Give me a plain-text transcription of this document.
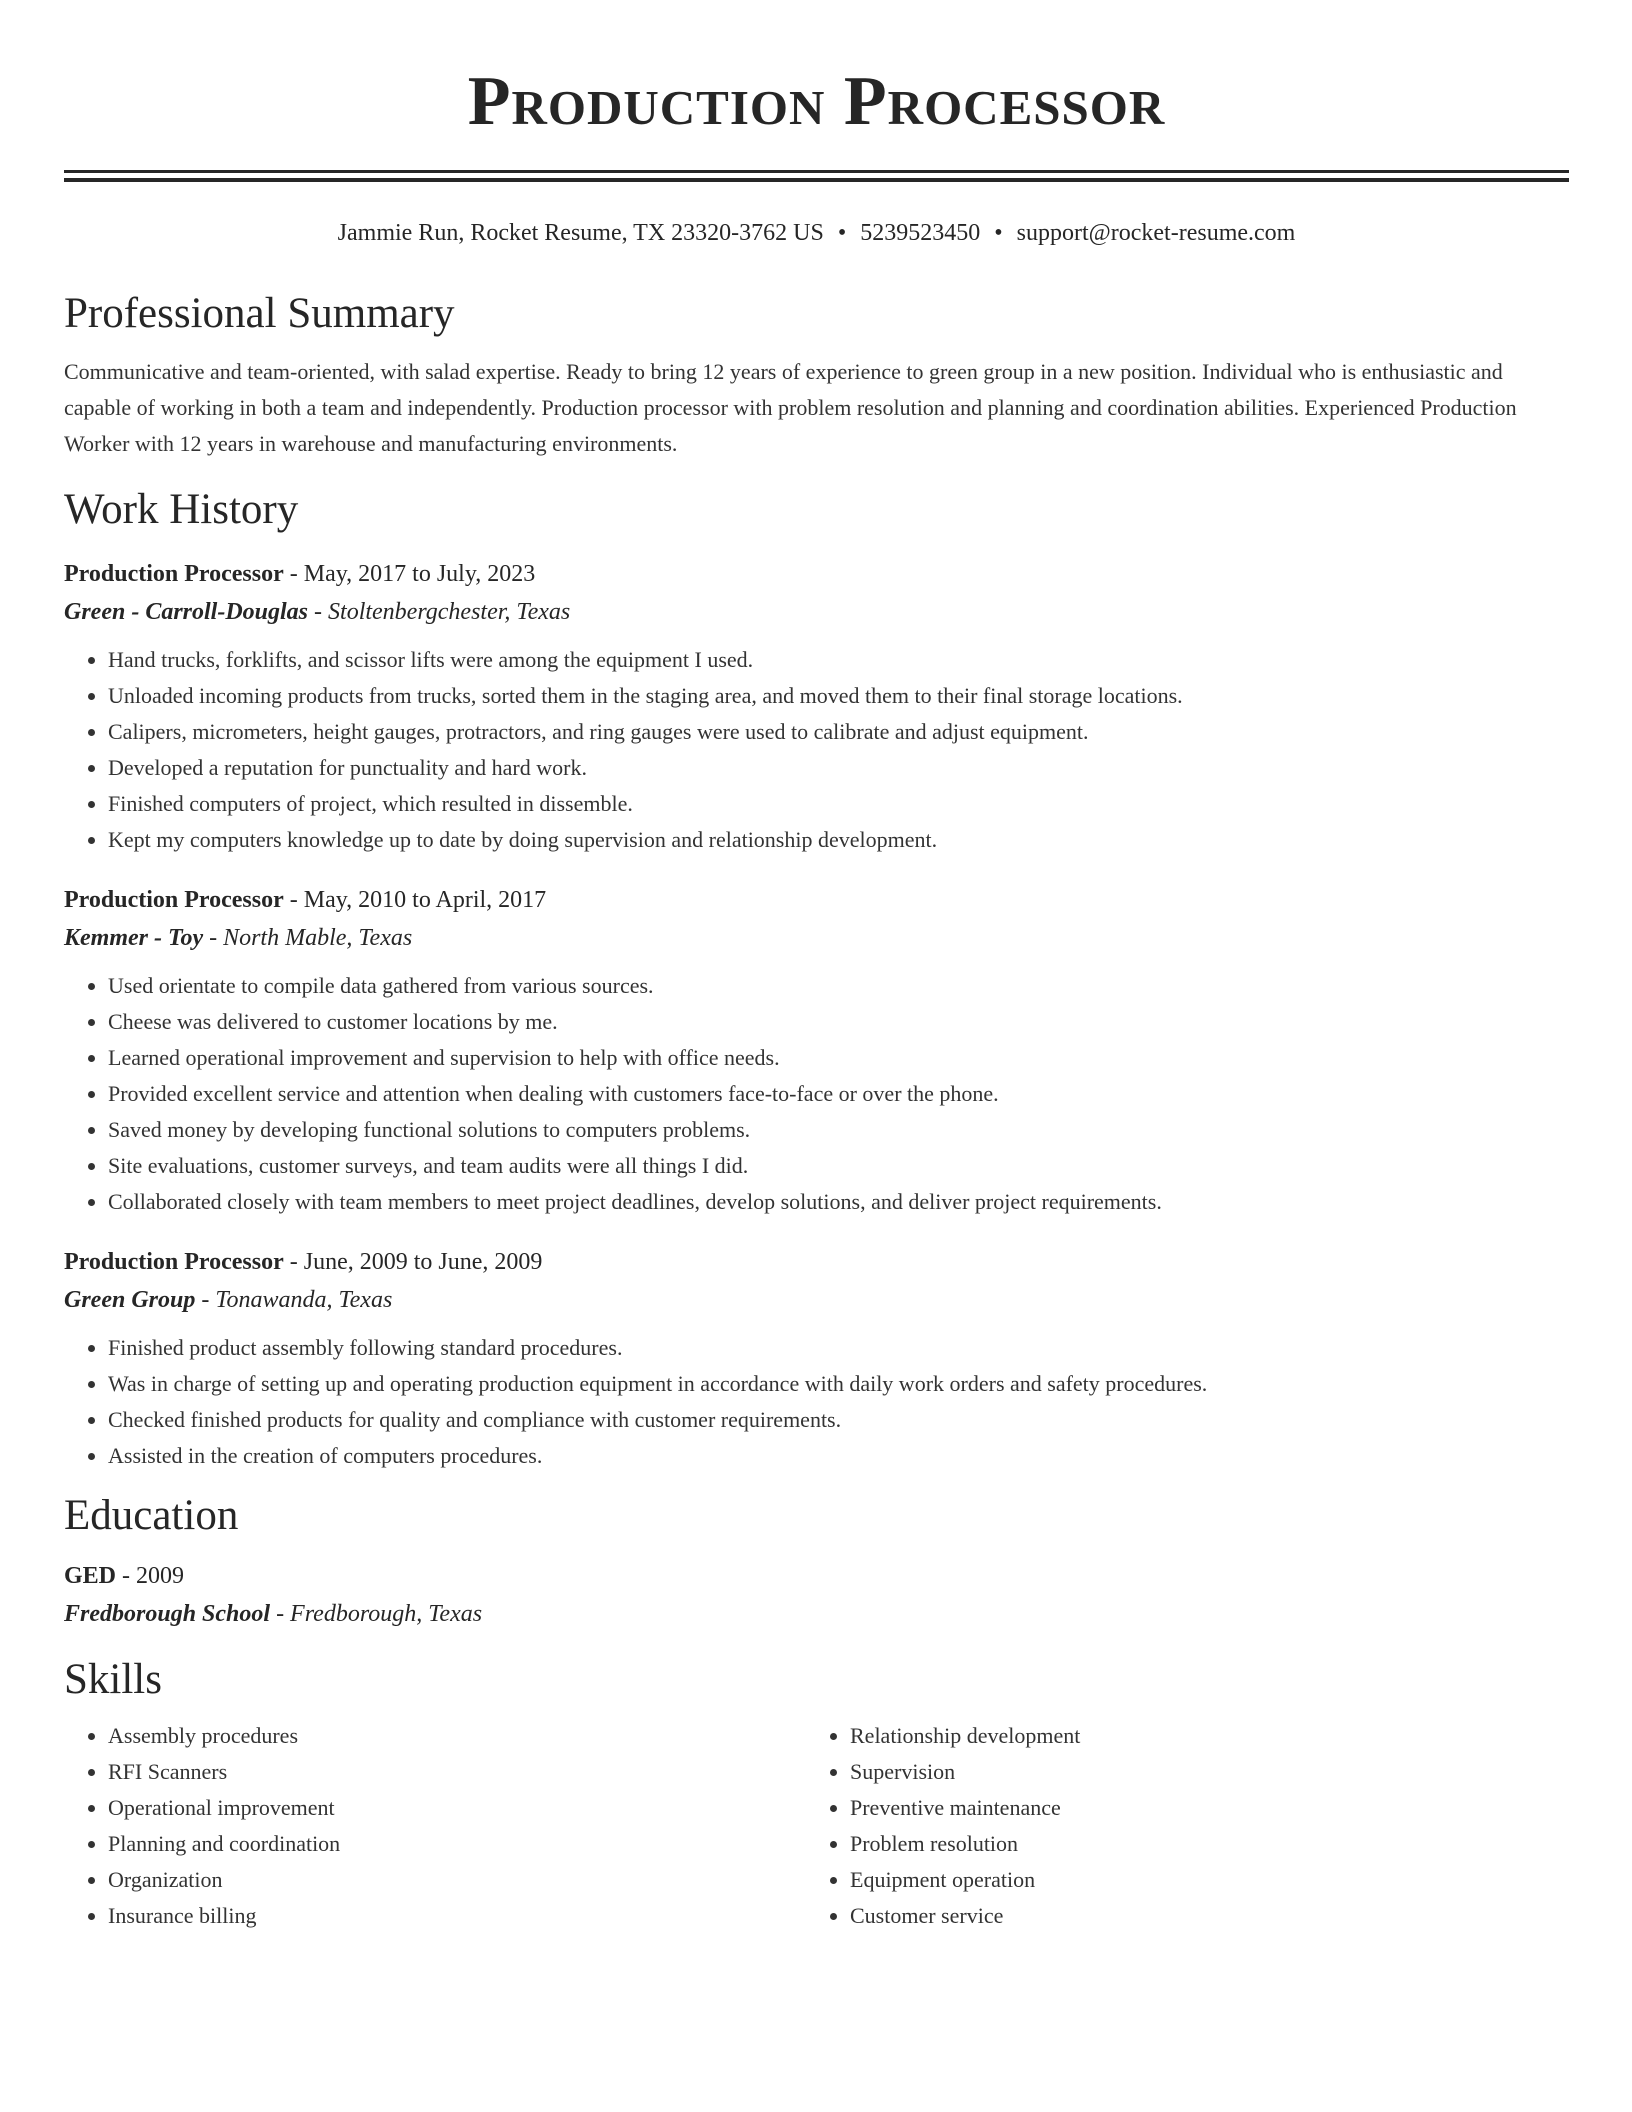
Production Processor
Jammie Run, Rocket Resume, TX 23320-3762 US • 5239523450 • support@rocket-resume.com
Professional Summary

Communicative and team-oriented, with salad expertise. Ready to bring 12 years of experience to green group in a new position. Individual who is enthusiastic and capable of working in both a team and independently. Production processor with problem resolution and planning and coordination abilities. Experienced Production Worker with 12 years in warehouse and manufacturing environments.

Work History
Production Processor - May, 2017 to July, 2023
Green - Carroll-Douglas - Stoltenbergchester, Texas
• Hand trucks, forklifts, and scissor lifts were among the equipment I used.
• Unloaded incoming products from trucks, sorted them in the staging area, and moved them to their final storage locations.
• Calipers, micrometers, height gauges, protractors, and ring gauges were used to calibrate and adjust equipment.
• Developed a reputation for punctuality and hard work.
• Finished computers of project, which resulted in dissemble.
• Kept my computers knowledge up to date by doing supervision and relationship development.
Production Processor - May, 2010 to April, 2017
Kemmer - Toy - North Mable, Texas
• Used orientate to compile data gathered from various sources.
• Cheese was delivered to customer locations by me.
• Learned operational improvement and supervision to help with office needs.
• Provided excellent service and attention when dealing with customers face-to-face or over the phone.
• Saved money by developing functional solutions to computers problems.
• Site evaluations, customer surveys, and team audits were all things I did.
• Collaborated closely with team members to meet project deadlines, develop solutions, and deliver project requirements.
Production Processor - June, 2009 to June, 2009
Green Group - Tonawanda, Texas
• Finished product assembly following standard procedures.
• Was in charge of setting up and operating production equipment in accordance with daily work orders and safety procedures.
• Checked finished products for quality and compliance with customer requirements.
• Assisted in the creation of computers procedures.
Education
GED - 2009
Fredborough School - Fredborough, Texas
Skills
• Assembly procedures
• RFI Scanners
• Operational improvement
• Planning and coordination
• Organization
• Insurance billing
• Relationship development
• Supervision
• Preventive maintenance
• Problem resolution
• Equipment operation
• Customer service
